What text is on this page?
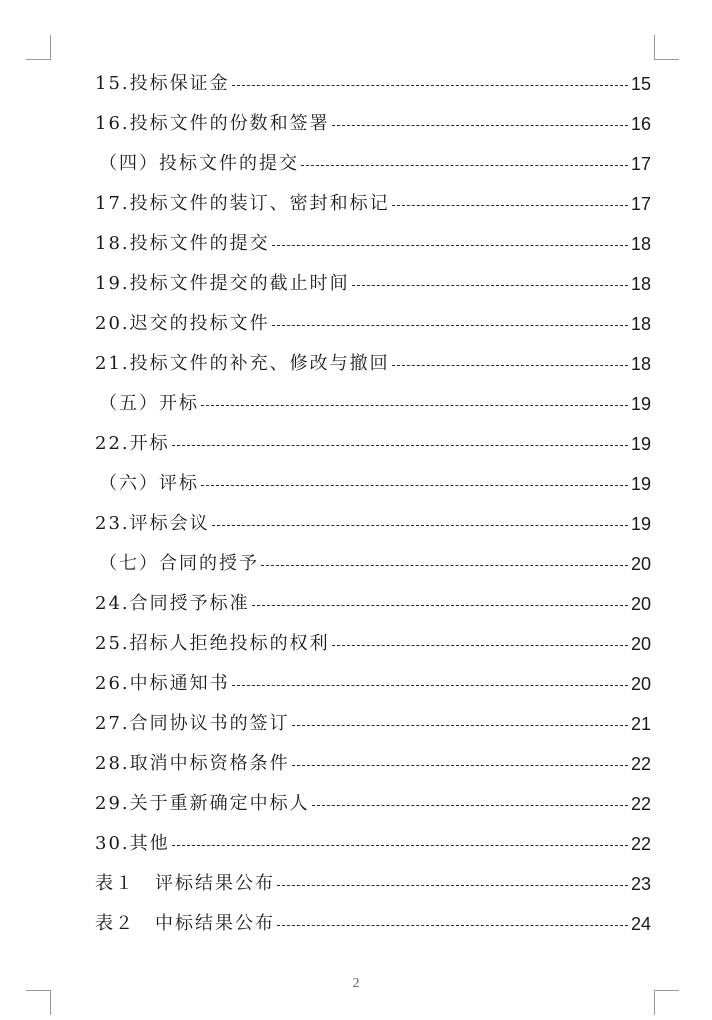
15.投标保证金	15
16.投标文件的份数和签署	16
（四）投标文件的提交	17
17.投标文件的装订、密封和标记	17
18.投标文件的提交	18
19.投标文件提交的截止时间	18
20.迟交的投标文件	18
21.投标文件的补充、修改与撤回	18
（五）开标	19
22.开标	19
（六）评标	19
23.评标会议	19
（七）合同的授予	20
24.合同授予标准	20
25.招标人拒绝投标的权利	20
26.中标通知书	20
27.合同协议书的签订	21
28.取消中标资格条件	22
29.关于重新确定中标人	22
30.其他	22
表１　评标结果公布	23
表２　中标结果公布	24
2
